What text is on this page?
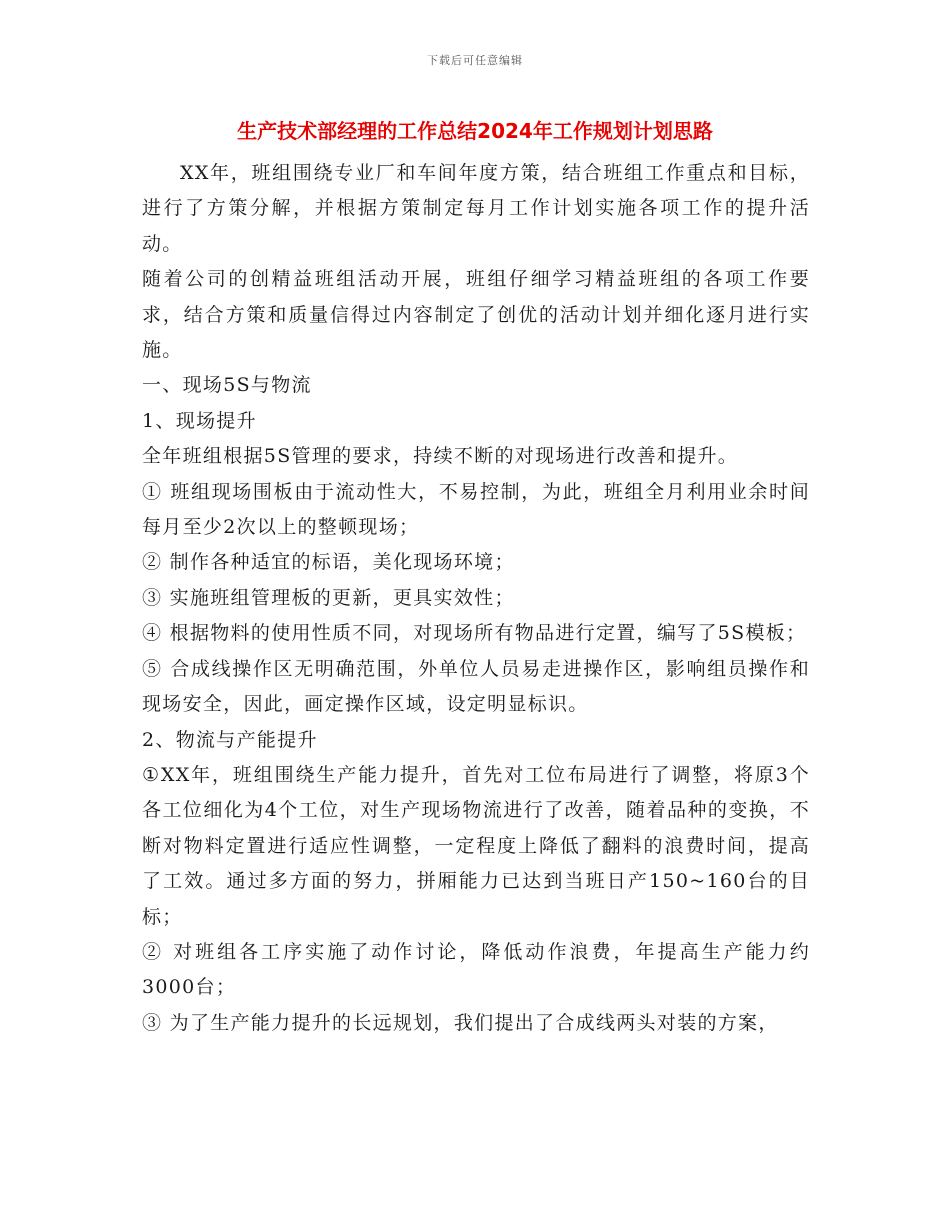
下载后可任意编辑
生产技术部经理的工作总结2024年工作规划计划思路

XX年，班组围绕专业厂和车间年度方策，结合班组工作重点和目标，进行了方策分解，并根据方策制定每月工作计划实施各项工作的提升活动。

随着公司的创精益班组活动开展，班组仔细学习精益班组的各项工作要求，结合方策和质量信得过内容制定了创优的活动计划并细化逐月进行实施。

一、现场5S与物流

1、现场提升

全年班组根据5S管理的要求，持续不断的对现场进行改善和提升。

① 班组现场围板由于流动性大，不易控制，为此，班组全月利用业余时间每月至少2次以上的整顿现场；

② 制作各种适宜的标语，美化现场环境；

③ 实施班组管理板的更新，更具实效性；

④ 根据物料的使用性质不同，对现场所有物品进行定置，编写了5S模板；

⑤ 合成线操作区无明确范围，外单位人员易走进操作区，影响组员操作和现场安全，因此，画定操作区域，设定明显标识。

2、物流与产能提升

①XX年，班组围绕生产能力提升，首先对工位布局进行了调整，将原3个各工位细化为4个工位，对生产现场物流进行了改善，随着品种的变换，不断对物料定置进行适应性调整，一定程度上降低了翻料的浪费时间，提高了工效。通过多方面的努力，拼厢能力已达到当班日产150~160台的目标；

② 对班组各工序实施了动作讨论，降低动作浪费，年提高生产能力约3000台；

③ 为了生产能力提升的长远规划，我们提出了合成线两头对装的方案，
